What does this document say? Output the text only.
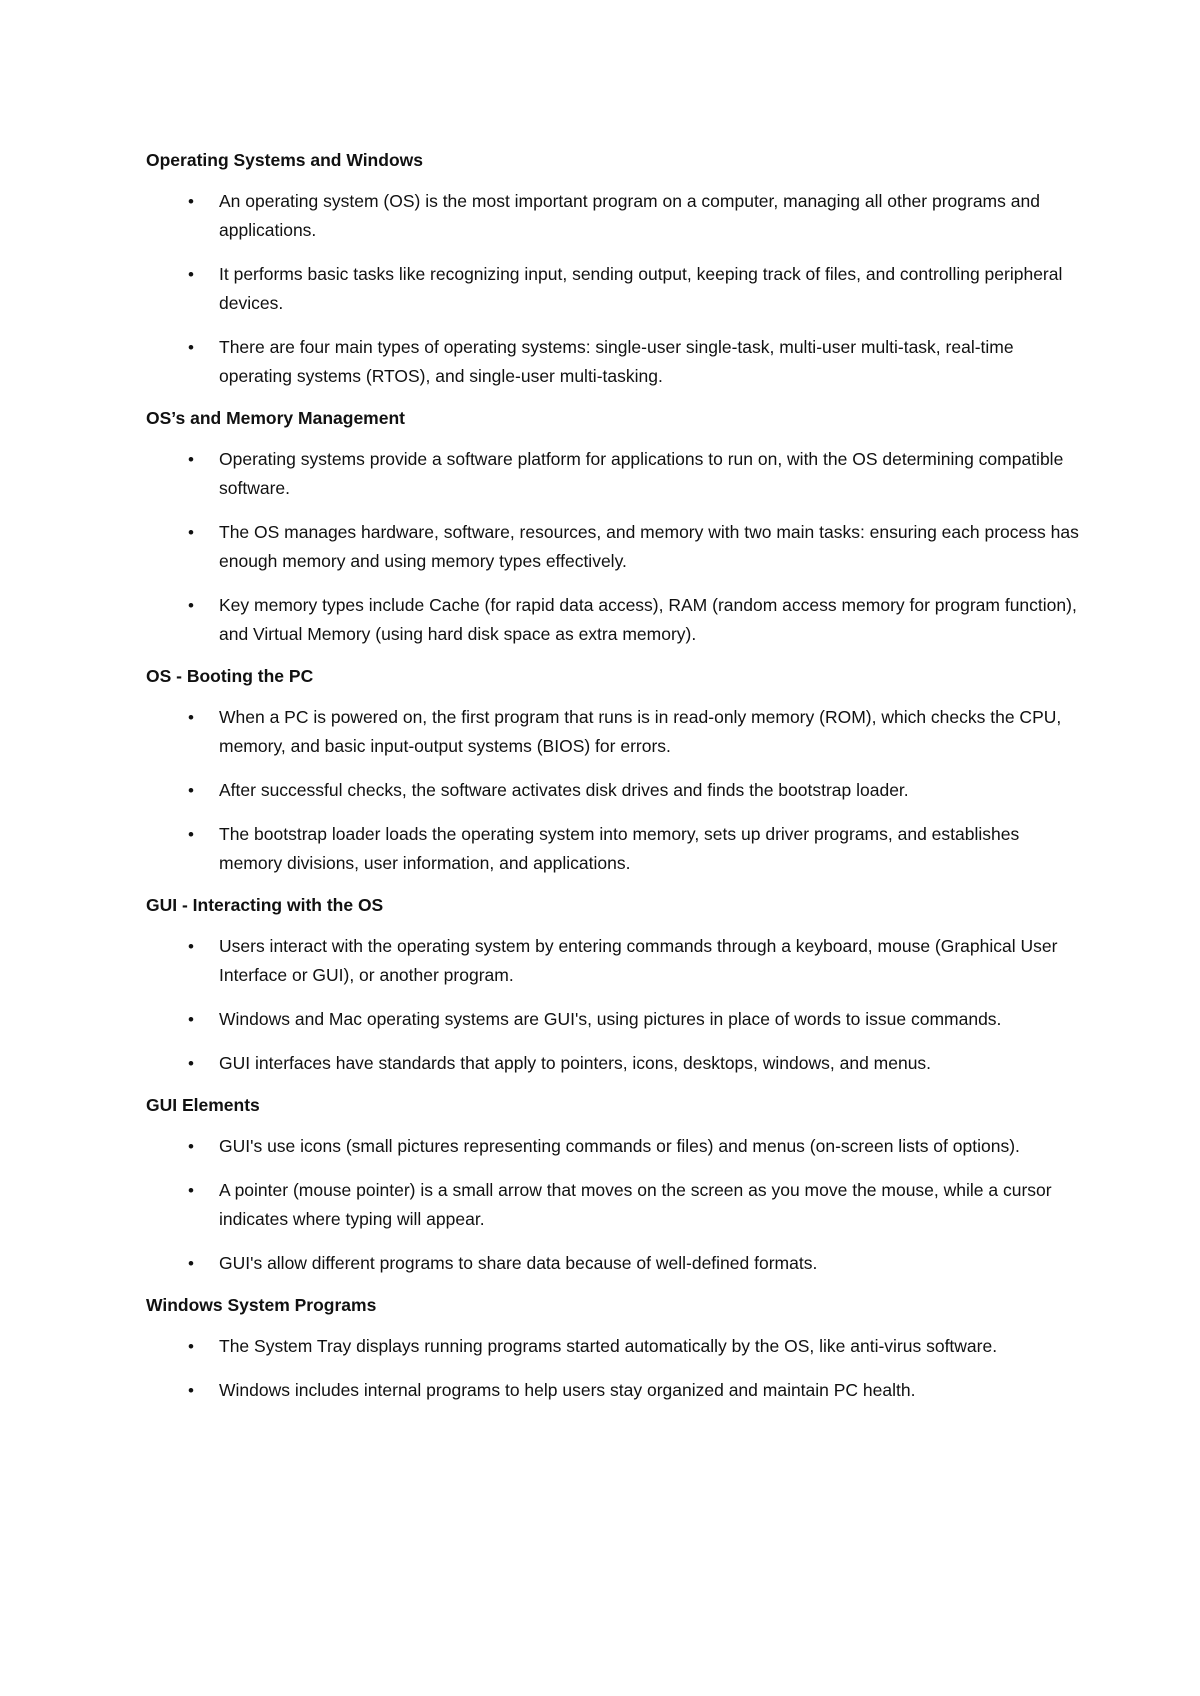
Operating Systems and Windows
• An operating system (OS) is the most important program on a computer, managing all other programs and applications.
• It performs basic tasks like recognizing input, sending output, keeping track of files, and controlling peripheral devices.
• There are four main types of operating systems: single-user single-task, multi-user multi-task, real-time operating systems (RTOS), and single-user multi-tasking.
OS’s and Memory Management
• Operating systems provide a software platform for applications to run on, with the OS determining compatible software.
• The OS manages hardware, software, resources, and memory with two main tasks: ensuring each process has enough memory and using memory types effectively.
• Key memory types include Cache (for rapid data access), RAM (random access memory for program function), and Virtual Memory (using hard disk space as extra memory).
OS - Booting the PC
• When a PC is powered on, the first program that runs is in read-only memory (ROM), which checks the CPU, memory, and basic input-output systems (BIOS) for errors.
• After successful checks, the software activates disk drives and finds the bootstrap loader.
• The bootstrap loader loads the operating system into memory, sets up driver programs, and establishes memory divisions, user information, and applications.
GUI - Interacting with the OS
• Users interact with the operating system by entering commands through a keyboard, mouse (Graphical User Interface or GUI), or another program.
• Windows and Mac operating systems are GUI's, using pictures in place of words to issue commands.
• GUI interfaces have standards that apply to pointers, icons, desktops, windows, and menus.
GUI Elements
• GUI's use icons (small pictures representing commands or files) and menus (on-screen lists of options).
• A pointer (mouse pointer) is a small arrow that moves on the screen as you move the mouse, while a cursor indicates where typing will appear.
• GUI's allow different programs to share data because of well-defined formats.
Windows System Programs
• The System Tray displays running programs started automatically by the OS, like anti-virus software.
• Windows includes internal programs to help users stay organized and maintain PC health.
